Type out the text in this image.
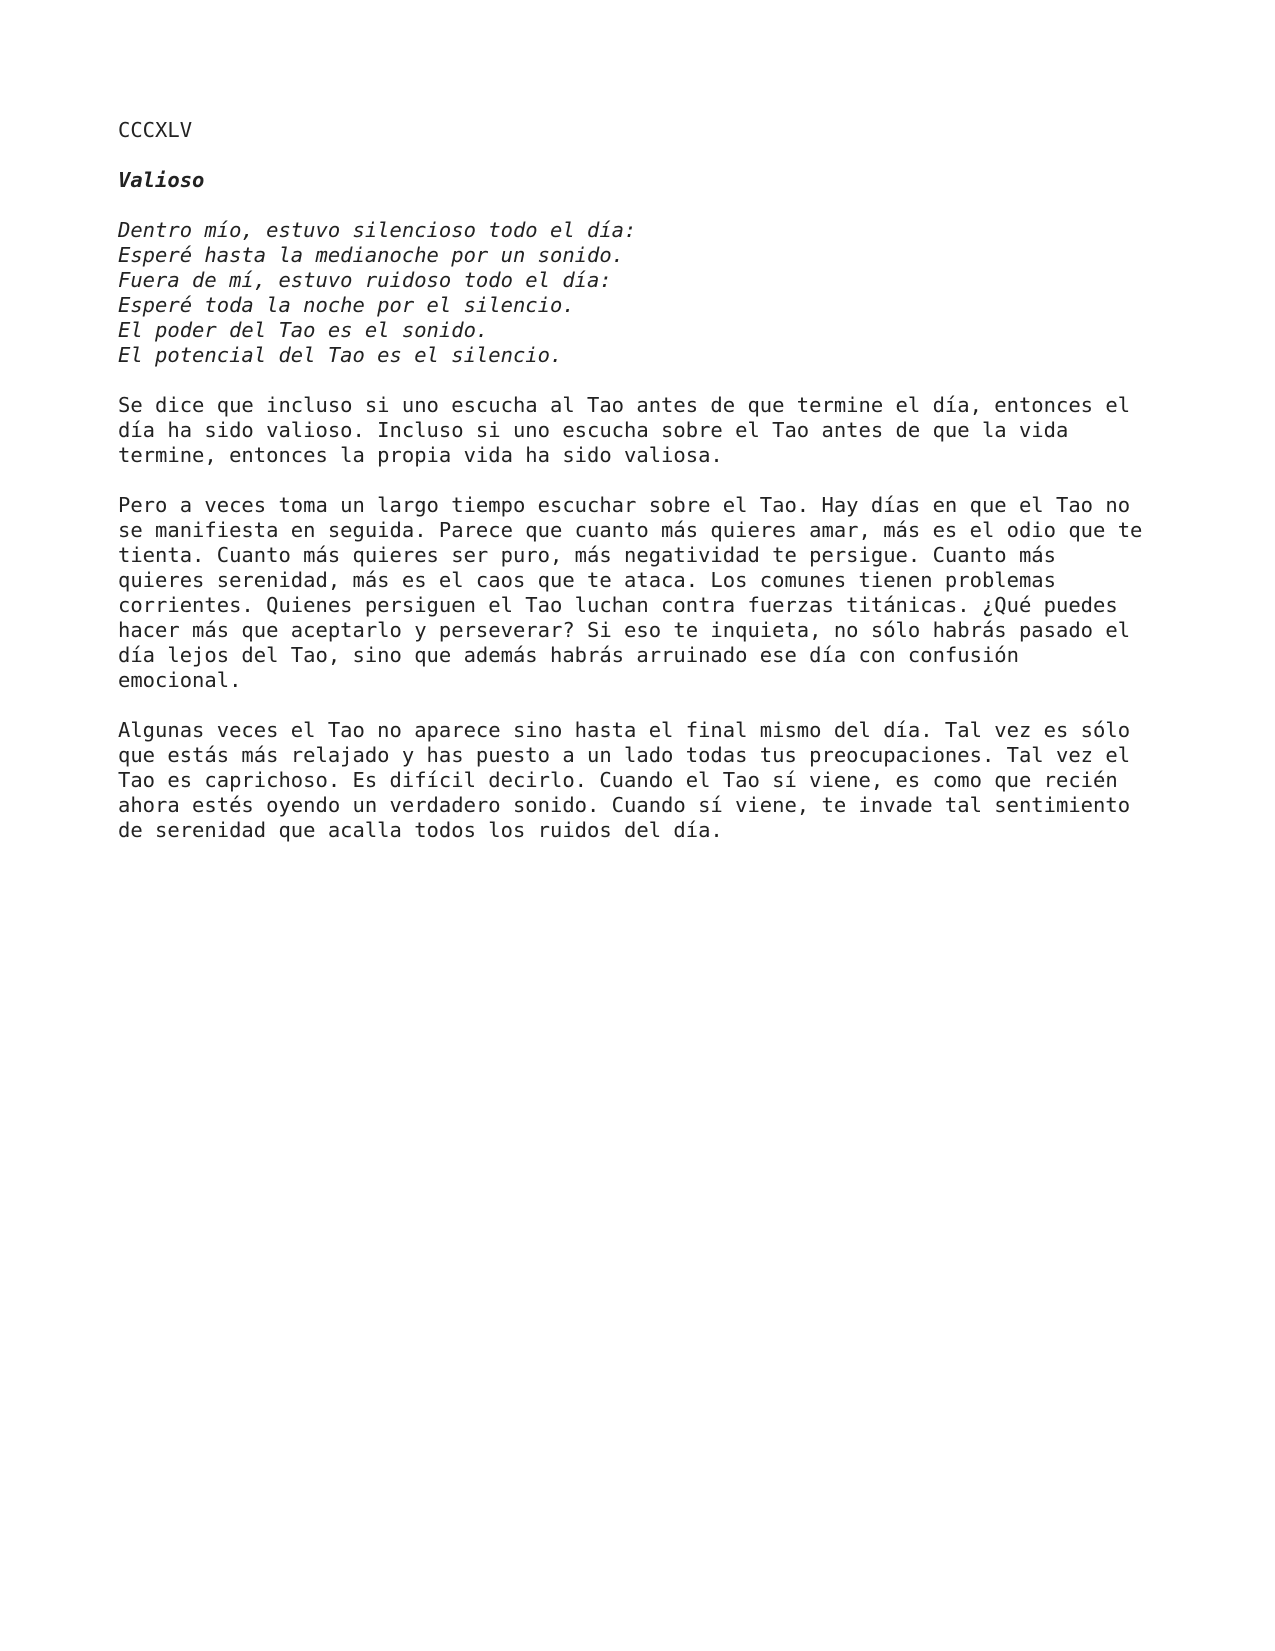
CCCXLV
Valioso
Dentro mío, estuvo silencioso todo el día:
Esperé hasta la medianoche por un sonido.
Fuera de mí, estuvo ruidoso todo el día:
Esperé toda la noche por el silencio.
El poder del Tao es el sonido.
El potencial del Tao es el silencio.
Se dice que incluso si uno escucha al Tao antes de que termine el día, entonces el
día ha sido valioso. Incluso si uno escucha sobre el Tao antes de que la vida
termine, entonces la propia vida ha sido valiosa.
Pero a veces toma un largo tiempo escuchar sobre el Tao. Hay días en que el Tao no
se manifiesta en seguida. Parece que cuanto más quieres amar, más es el odio que te
tienta. Cuanto más quieres ser puro, más negatividad te persigue. Cuanto más
quieres serenidad, más es el caos que te ataca. Los comunes tienen problemas
corrientes. Quienes persiguen el Tao luchan contra fuerzas titánicas. ¿Qué puedes
hacer más que aceptarlo y perseverar? Si eso te inquieta, no sólo habrás pasado el
día lejos del Tao, sino que además habrás arruinado ese día con confusión
emocional.
Algunas veces el Tao no aparece sino hasta el final mismo del día. Tal vez es sólo
que estás más relajado y has puesto a un lado todas tus preocupaciones. Tal vez el
Tao es caprichoso. Es difícil decirlo. Cuando el Tao sí viene, es como que recién
ahora estés oyendo un verdadero sonido. Cuando sí viene, te invade tal sentimiento
de serenidad que acalla todos los ruidos del día.
